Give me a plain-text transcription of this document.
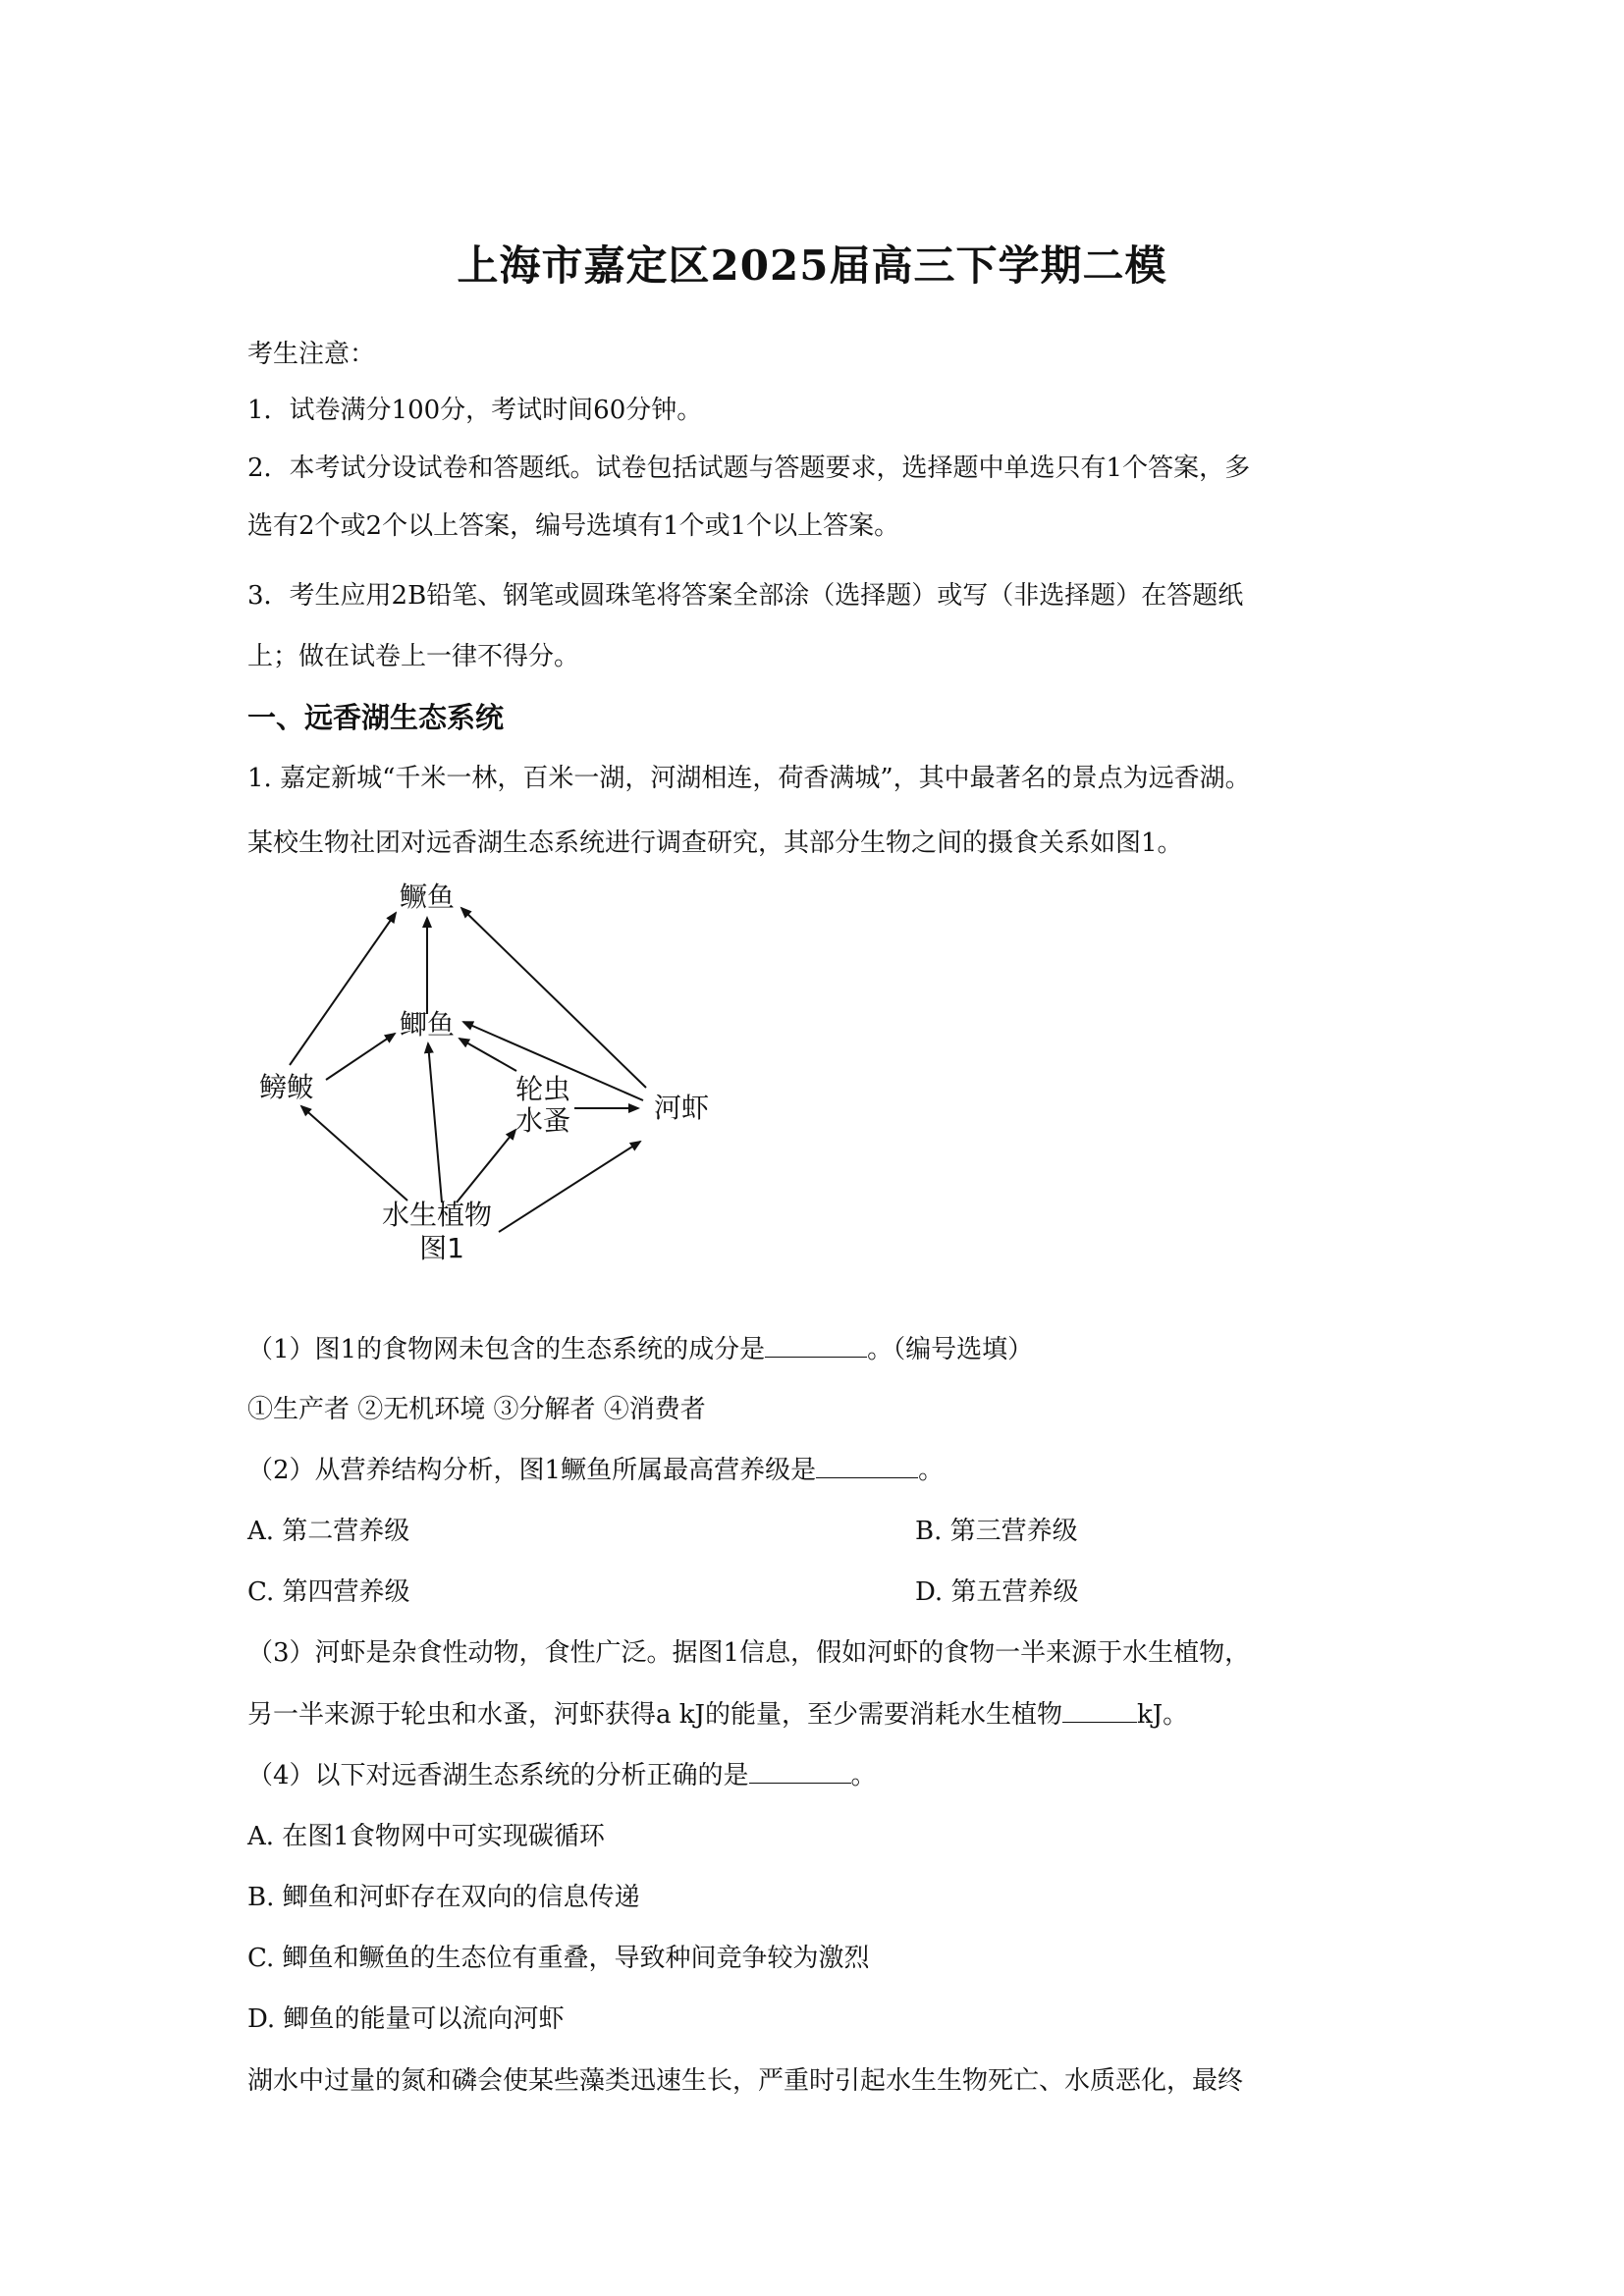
上海市嘉定区2025届高三下学期二模
考生注意：
1．试卷满分100分，考试时间60分钟。
2．本考试分设试卷和答题纸。试卷包括试题与答题要求，选择题中单选只有1个答案，多
选有2个或2个以上答案，编号选填有1个或1个以上答案。
3．考生应用2B铅笔、钢笔或圆珠笔将答案全部涂（选择题）或写（非选择题）在答题纸
上；做在试卷上一律不得分。
一、远香湖生态系统
1. 嘉定新城“千米一林，百米一湖，河湖相连，荷香满城”，其中最著名的景点为远香湖。
某校生物社团对远香湖生态系统进行调查研究，其部分生物之间的摄食关系如图1。
鳜鱼
鲫鱼
鳑鲏	轮虫
水蚤	河虾
水生植物
图1
（1）图1的食物网未包含的生态系统的成分是	。（编号选填）
①生产者 ②无机环境 ③分解者 ④消费者
（2）从营养结构分析，图1鳜鱼所属最高营养级是	。
A. 第二营养级	B. 第三营养级
C. 第四营养级	D. 第五营养级
（3）河虾是杂食性动物，食性广泛。据图1信息，假如河虾的食物一半来源于水生植物，
另一半来源于轮虫和水蚤，河虾获得a kJ的能量，至少需要消耗水生植物	kJ。
（4）以下对远香湖生态系统的分析正确的是	。
A. 在图1食物网中可实现碳循环
B. 鲫鱼和河虾存在双向的信息传递
C. 鲫鱼和鳜鱼的生态位有重叠，导致种间竞争较为激烈
D. 鲫鱼的能量可以流向河虾
湖水中过量的氮和磷会使某些藻类迅速生长，严重时引起水生生物死亡、水质恶化，最终
